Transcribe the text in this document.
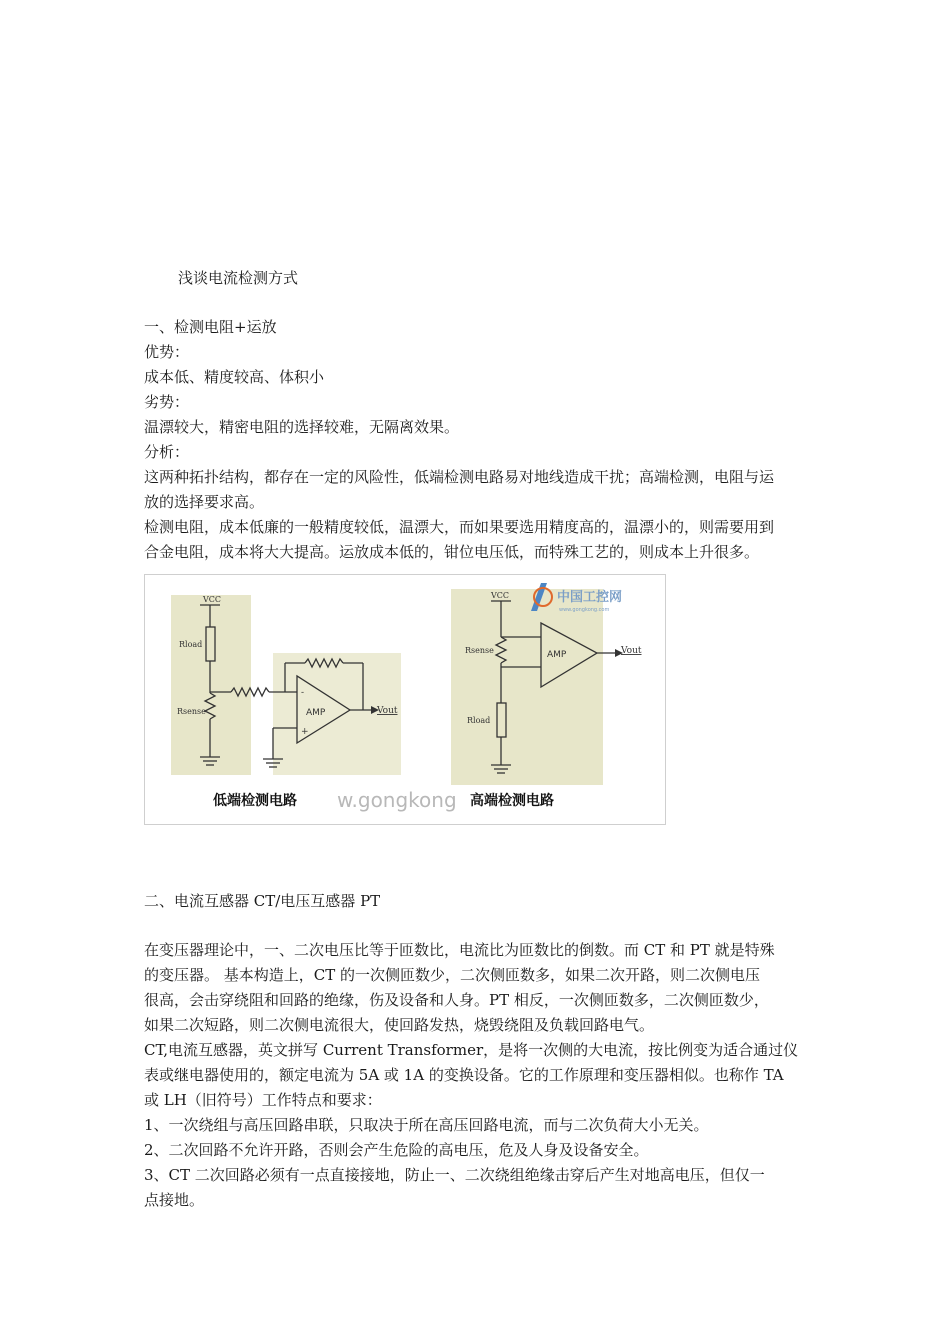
浅谈电流检测方式
一、检测电阻+运放
优势：
成本低、精度较高、体积小
劣势：
温漂较大，精密电阻的选择较难，无隔离效果。
分析：
这两种拓扑结构，都存在一定的风险性，低端检测电路易对地线造成干扰；高端检测，电阻与运
放的选择要求高。
检测电阻，成本低廉的一般精度较低，温漂大，而如果要选用精度高的，温漂小的，则需要用到
合金电阻，成本将大大提高。运放成本低的，钳位电压低，而特殊工艺的，则成本上升很多。
VCC
Rload
Rsense	AMP
-
+
Vout
VCC
Rsense
Rload
AMP	Vout
中国工控网
www.gongkong.com
w.gongkong
低端检测电路	高端检测电路
二、电流互感器 CT/电压互感器 PT
在变压器理论中，一、二次电压比等于匝数比，电流比为匝数比的倒数。而 CT 和 PT 就是特殊
的变压器。 基本构造上，CT 的一次侧匝数少，二次侧匝数多，如果二次开路，则二次侧电压
很高，会击穿绕阻和回路的绝缘，伤及设备和人身。PT 相反，一次侧匝数多，二次侧匝数少，
如果二次短路，则二次侧电流很大，使回路发热，烧毁绕阻及负载回路电气。
CT,电流互感器，英文拼写 Current Transformer，是将一次侧的大电流，按比例变为适合通过仪
表或继电器使用的，额定电流为 5A 或 1A 的变换设备。它的工作原理和变压器相似。也称作 TA
或 LH（旧符号）工作特点和要求：
1、一次绕组与高压回路串联，只取决于所在高压回路电流，而与二次负荷大小无关。
2、二次回路不允许开路，否则会产生危险的高电压，危及人身及设备安全。
3、CT 二次回路必须有一点直接接地，防止一、二次绕组绝缘击穿后产生对地高电压，但仅一
点接地。
